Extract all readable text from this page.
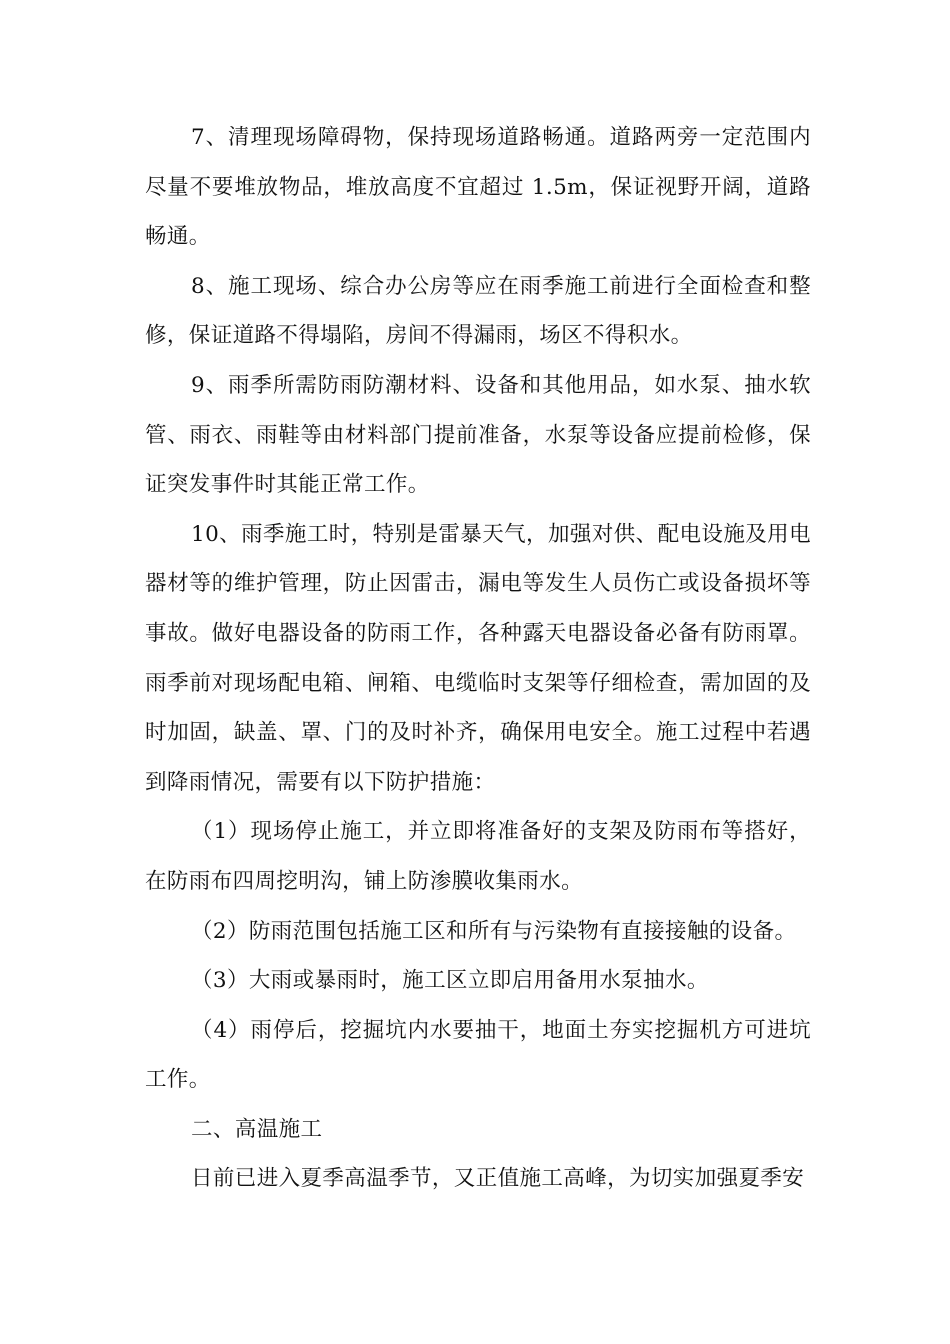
7、清理现场障碍物，保持现场道路畅通。道路两旁一定范围内尽量不要堆放物品，堆放高度不宜超过 1.5m，保证视野开阔，道路畅通。

8、施工现场、综合办公房等应在雨季施工前进行全面检查和整修，保证道路不得塌陷，房间不得漏雨，场区不得积水。

9、雨季所需防雨防潮材料、设备和其他用品，如水泵、抽水软管、雨衣、雨鞋等由材料部门提前准备，水泵等设备应提前检修，保证突发事件时其能正常工作。

10、雨季施工时，特别是雷暴天气，加强对供、配电设施及用电器材等的维护管理，防止因雷击，漏电等发生人员伤亡或设备损坏等事故。做好电器设备的防雨工作，各种露天电器设备必备有防雨罩。雨季前对现场配电箱、闸箱、电缆临时支架等仔细检查，需加固的及时加固，缺盖、罩、门的及时补齐，确保用电安全。施工过程中若遇到降雨情况，需要有以下防护措施：

（1）现场停止施工，并立即将准备好的支架及防雨布等搭好，在防雨布四周挖明沟，铺上防渗膜收集雨水。

（2）防雨范围包括施工区和所有与污染物有直接接触的设备。

（3）大雨或暴雨时，施工区立即启用备用水泵抽水。

（4）雨停后，挖掘坑内水要抽干，地面土夯实挖掘机方可进坑工作。

二、高温施工

日前已进入夏季高温季节，又正值施工高峰，为切实加强夏季安
